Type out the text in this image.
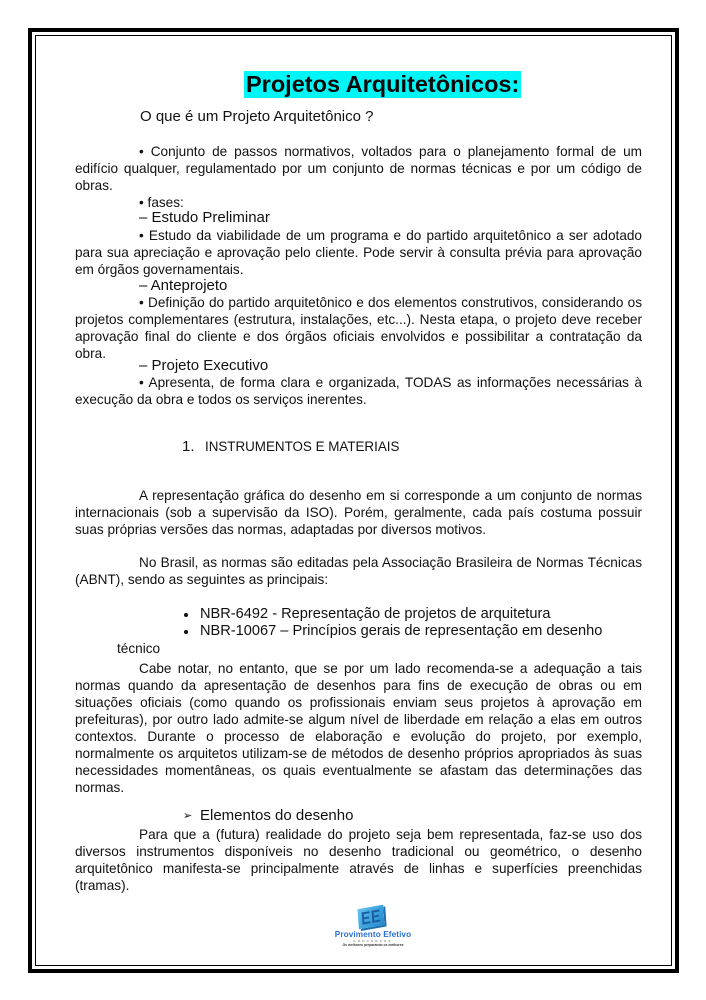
Projetos Arquitetônicos:
O que é um Projeto Arquitetônico ?
• Conjunto de passos normativos, voltados para o planejamento formal de um edifício qualquer, regulamentado por um conjunto de normas técnicas e por um código de obras.
• fases:
– Estudo Preliminar
• Estudo da viabilidade de um programa e do partido arquitetônico a ser adotado para sua apreciação e aprovação pelo cliente. Pode servir à consulta prévia para aprovação em órgãos governamentais.
– Anteprojeto
• Definição do partido arquitetônico e dos elementos construtivos, considerando os projetos complementares (estrutura, instalações, etc...). Nesta etapa, o projeto deve receber aprovação final do cliente e dos órgãos oficiais envolvidos e possibilitar a contratação da obra.
– Projeto Executivo
• Apresenta, de forma clara e organizada, TODAS as informações necessárias à execução da obra e todos os serviços inerentes.
1. INSTRUMENTOS E MATERIAIS
A representação gráfica do desenho em si corresponde a um conjunto de normas internacionais (sob a supervisão da ISO). Porém, geralmente, cada país costuma possuir suas próprias versões das normas, adaptadas por diversos motivos.
No Brasil, as normas são editadas pela Associação Brasileira de Normas Técnicas (ABNT), sendo as seguintes as principais:
NBR-6492 - Representação de projetos de arquitetura
NBR-10067 – Princípios gerais de representação em desenho
técnico
Cabe notar, no entanto, que se por um lado recomenda-se a adequação a tais normas quando da apresentação de desenhos para fins de execução de obras ou em situações oficiais (como quando os profissionais enviam seus projetos à aprovação em prefeituras), por outro lado admite-se algum nível de liberdade em relação a elas em outros contextos. Durante o processo de elaboração e evolução do projeto, por exemplo, normalmente os arquitetos utilizam-se de métodos de desenho próprios apropriados às suas necessidades momentâneas, os quais eventualmente se afastam das determinações das normas.
➢ Elementos do desenho
Para que a (futura) realidade do projeto seja bem representada, faz-se uso dos diversos instrumentos disponíveis no desenho tradicional ou geométrico, o desenho arquitetônico manifesta-se principalmente através de linhas e superfícies preenchidas (tramas).
Provimento Efetivo
CONCURSOS
Os melhores preparando os melhores
